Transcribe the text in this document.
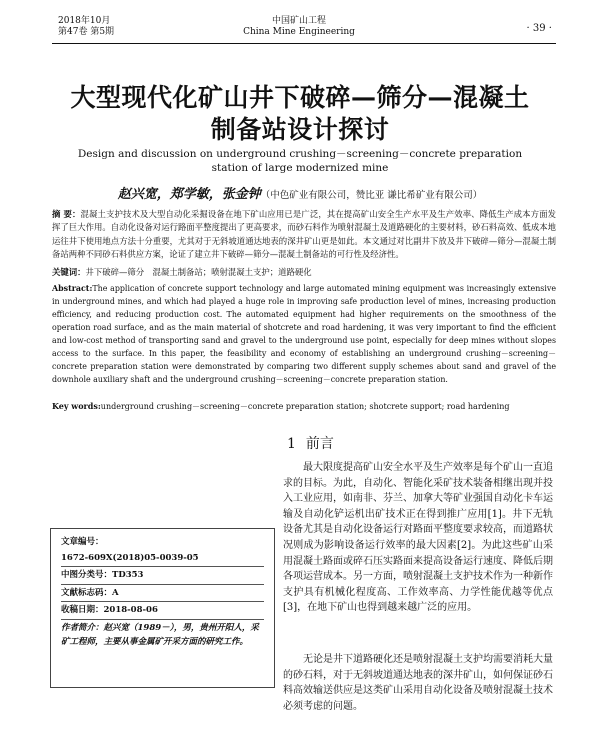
2018年10月
第47卷 第5期
中国矿山工程
China Mine Engineering	· 39 ·
大型现代化矿山井下破碎—筛分—混凝土
制备站设计探讨
Design and discussion on underground crushing－screening－concrete preparation
station of large modernized mine
赵兴宽，郑学敏，张金钟（中色矿业有限公司，赞比亚 谦比希矿业有限公司）
摘 要：混凝土支护技术及大型自动化采掘设备在地下矿山应用已是广泛，其在提高矿山安全生产水平及生产效率、降低生产成本方面发挥了巨大作用。自动化设备对运行路面平整度提出了更高要求，而砂石料作为喷射混凝土及道路硬化的主要材料，砂石料高效、低成本地运往井下使用地点方法十分重要，尤其对于无斜坡道通达地表的深井矿山更是如此。本文通过对比副井下放及井下破碎—筛分—混凝土制备站两种不同砂石料供应方案，论证了建立井下破碎—筛分—混凝土制备站的可行性及经济性。
关键词：井下破碎—筛分　混凝土制备站；喷射混凝土支护；道路硬化
Abstract:The application of concrete support technology and large automated mining equipment was increasingly extensive in underground mines, and which had played a huge role in improving safe production level of mines, increasing production efficiency, and reducing production cost. The automated equipment had higher requirements on the smoothness of the operation road surface, and as the main material of shotcrete and road hardening, it was very important to find the efficient and low-cost method of transporting sand and gravel to the underground use point, especially for deep mines without slopes access to the surface. In this paper, the feasibility and economy of establishing an underground crushing－screening－concrete preparation station were demonstrated by comparing two different supply schemes about sand and gravel of the downhole auxiliary shaft and the underground crushing－screening－concrete preparation station.
Key words:underground crushing－screening－concrete preparation station; shotcrete support; road hardening
文章编号：
1672-609X(2018)05-0039-05
中图分类号：TD353
文献标志码：A
收稿日期：2018-08-06
作者简介：赵兴宽（1989－），男，贵州开阳人，采矿工程师，主要从事金属矿开采方面的研究工作。
1 前言
最大限度提高矿山安全水平及生产效率是每个矿山一直追求的目标。为此，自动化、智能化采矿技术装备相继出现并投入工业应用，如南非、芬兰、加拿大等矿业强国自动化卡车运输及自动化铲运机出矿技术正在得到推广应用[1]。井下无轨设备尤其是自动化设备运行对路面平整度要求较高，而道路状况则成为影响设备运行效率的最大因素[2]。为此这些矿山采用混凝土路面或碎石压实路面来提高设备运行速度、降低后期各项运营成本。另一方面，喷射混凝土支护技术作为一种新作支护具有机械化程度高、工作效率高、力学性能优越等优点[3]，在地下矿山也得到越来越广泛的应用。
无论是井下道路硬化还是喷射混凝土支护均需要消耗大量的砂石料，对于无斜坡道通达地表的深井矿山，如何保证砂石料高效输送供应是这类矿山采用自动化设备及喷射混凝土技术必须考虑的问题。
